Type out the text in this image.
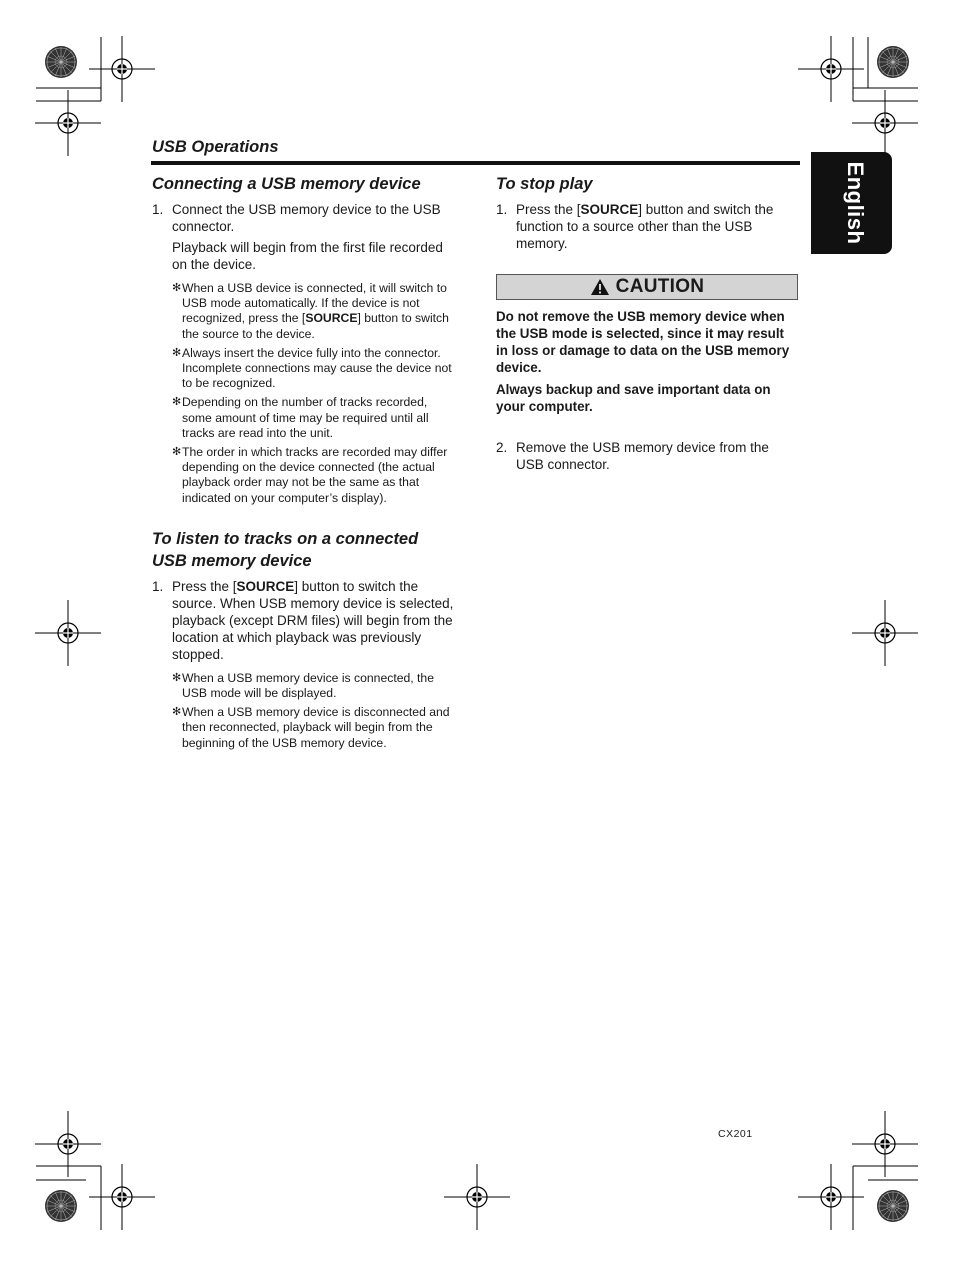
USB Operations
English
Connecting a USB memory device

1. Connect the USB memory device to the USB connector.

Playback will begin from the first file recorded on the device.

✻ When a USB device is connected, it will switch to USB mode automatically. If the device is not recognized, press the [SOURCE] button to switch the source to the device.
✻ Always insert the device fully into the connector. Incomplete connections may cause the device not to be recognized.
✻ Depending on the number of tracks recorded, some amount of time may be required until all tracks are read into the unit.
✻ The order in which tracks are recorded may differ depending on the device connected (the actual playback order may not be the same as that indicated on your computer’s display).
To listen to tracks on a connected USB memory device

1. Press the [SOURCE] button to switch the source. When USB memory device is selected, playback (except DRM files) will begin from the location at which playback was previously stopped.

✻ When a USB memory device is connected, the USB mode will be displayed.
✻ When a USB memory device is disconnected and then reconnected, playback will begin from the beginning of the USB memory device.
To stop play

1. Press the [SOURCE] button and switch the function to a source other than the USB memory.

CAUTION

Do not remove the USB memory device when the USB mode is selected, since it may result in loss or damage to data on the USB memory device.

Always backup and save important data on your computer.

2. Remove the USB memory device from the USB connector.

CX201
